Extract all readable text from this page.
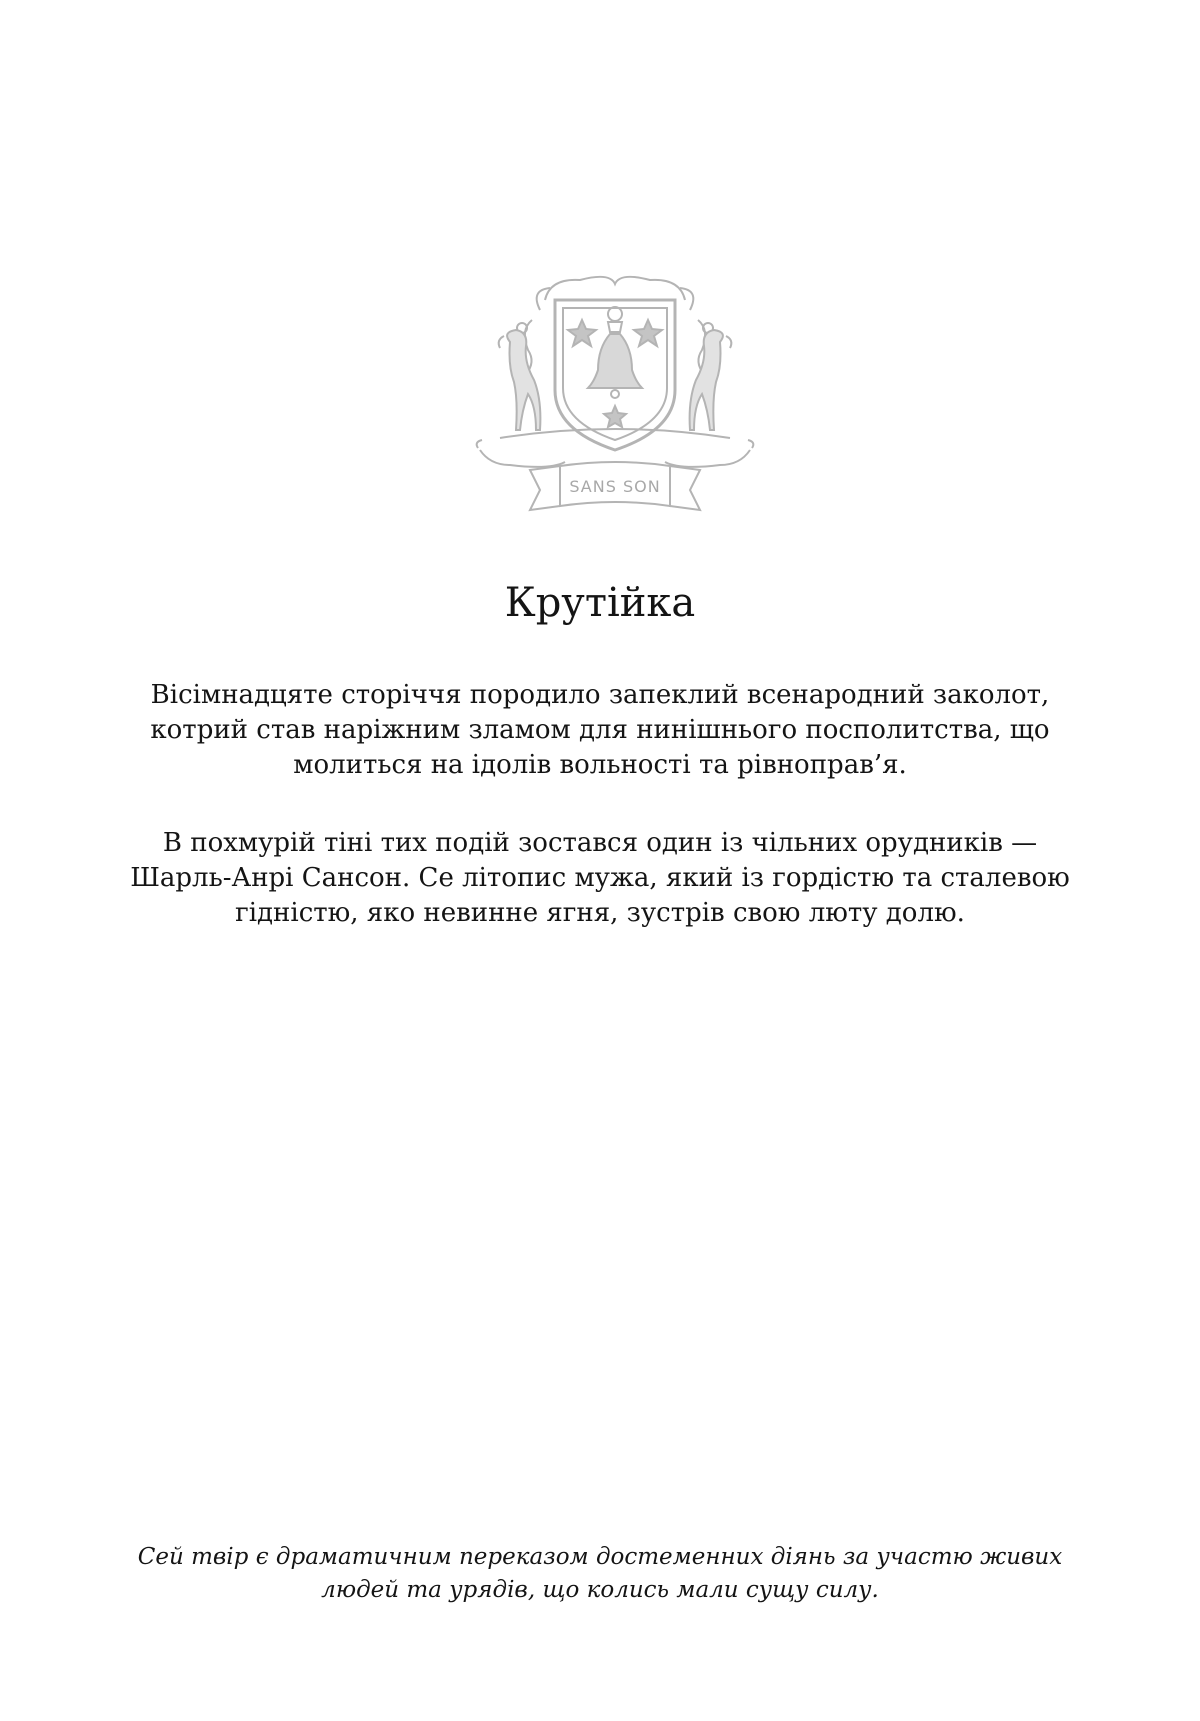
SANS SON
Крутійка

Вісімнадцяте сторіччя породило запеклий всенародний заколот, котрий став наріжним зламом для нинішнього посполитства, що молиться на ідолів вольності та рівноправ’я.

В похмурій тіні тих подій зостався один із чільних орудників — Шарль-Анрі Сансон. Се літопис мужа, який із гордістю та сталевою гідністю, яко невинне ягня, зустрів свою люту долю.

Сей твір є драматичним переказом достеменних діянь за участю живих людей та урядів, що колись мали сущу силу.
